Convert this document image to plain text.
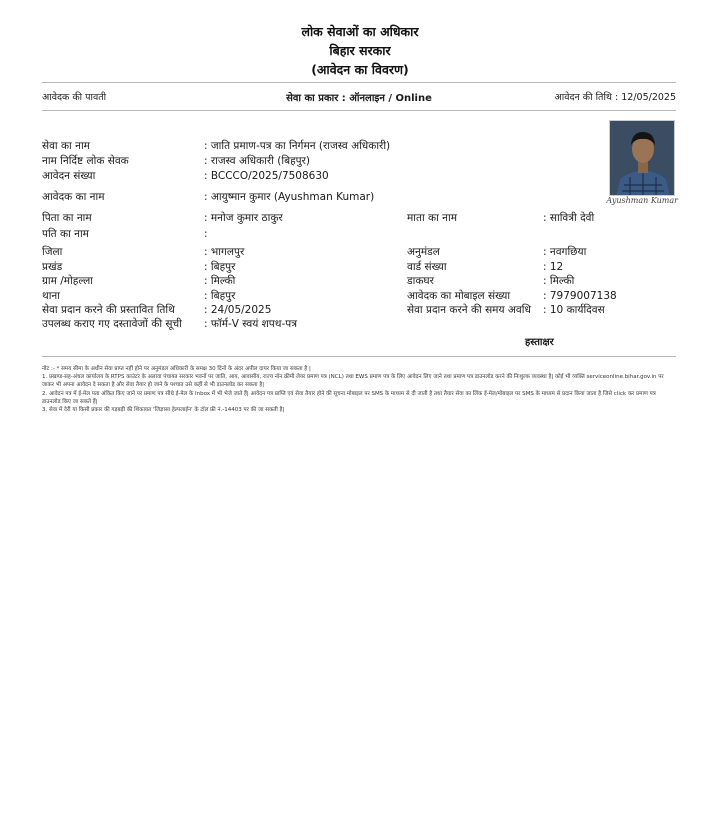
लोक सेवाओं का अधिकार
बिहार सरकार
(आवेदन का विवरण)
आवेदक की पावती	सेवा का प्रकार : ऑनलाइन / Online	आवेदन की तिथि : 12/05/2025
Ayushman Kumar
सेवा का नाम	: जाति प्रमाण-पत्र का निर्गमन (राजस्व अधिकारी)
नाम निर्दिष्ट लोक सेवक	: राजस्व अधिकारी (बिहपुर)
आवेदन संख्या	: BCCCO/2025/7508630
आवेदक का नाम	: आयुष्मान कुमार (Ayushman Kumar)
पिता का नाम	: मनोज कुमार ठाकुर	माता का नाम	: सावित्री देवी
पति का नाम	:
जिला	: भागलपुर	अनुमंडल	: नवगछिया
प्रखंड	: बिहपुर	वार्ड संख्या	: 12
ग्राम /मोहल्ला	: मिल्की	डाकघर	: मिल्की
थाना	: बिहपुर	आवेदक का मोबाइल संख्या	: 7979007138
सेवा प्रदान करने की प्रस्तावित तिथि	: 24/05/2025	सेवा प्रदान करने की समय अवधि : 10 कार्यदिवस
उपलब्ध कराए गए दस्तावेजों की सूची : फॉर्म-V स्वयं शपथ-पत्र
हस्ताक्षर
नोट :- * समय सीमा के अधीन सेवा प्राप्त नहीं होने पर अनुमंडल अधिकारी के समक्ष 30 दिनों के अंदर अपील दायर किया जा सकता है |
1. प्रखण्ड-सह-अंचल कार्यालय के RTPS काउंटर के अलावा पंचायत सरकार भवनों पर जाति, आय, आवासीय, राज्य नॉन क्रीमी लेयर प्रमाण पत्र (NCL) तथा EWS प्रमाण पत्र के लिए आवेदन लिए जाने तथा प्रमाण पत्र डाउनलोड करने की निःशुल्क व्यवस्था है| कोई भी व्यक्ति serviceonline.bihar.gov.in पर जाकर भी अपना आवेदन दे सकता है और सेवा तैयार हो जाने के पश्चात उसे कहीं से भी डाउनलोड कर सकता है|
2. आवेदन पत्र में ई-मेल पता अंकित किए जाने पर प्रमाण पत्र सीधे ई-मेल के Inbox में भी भेजे जाते हैं| आवेदन पत्र प्राप्ति एवं सेवा तैयार होने की सूचना मोबाइल पर SMS के माध्यम से दी जाती है तथा तैयार सेवा का लिंक ई-मेल/मोबाइल पर SMS के माध्यम से प्रदान किया जाता है जिसे click कर प्रमाण पत्र डाउनलोड किए जा सकते हैं|
3. सेवा में देरी या किसी प्रकार की गड़बड़ी की शिकायत 'जिज्ञासा हेल्पलाईन' के टॉल फ्री नं.-14403 पर की जा सकती है|
